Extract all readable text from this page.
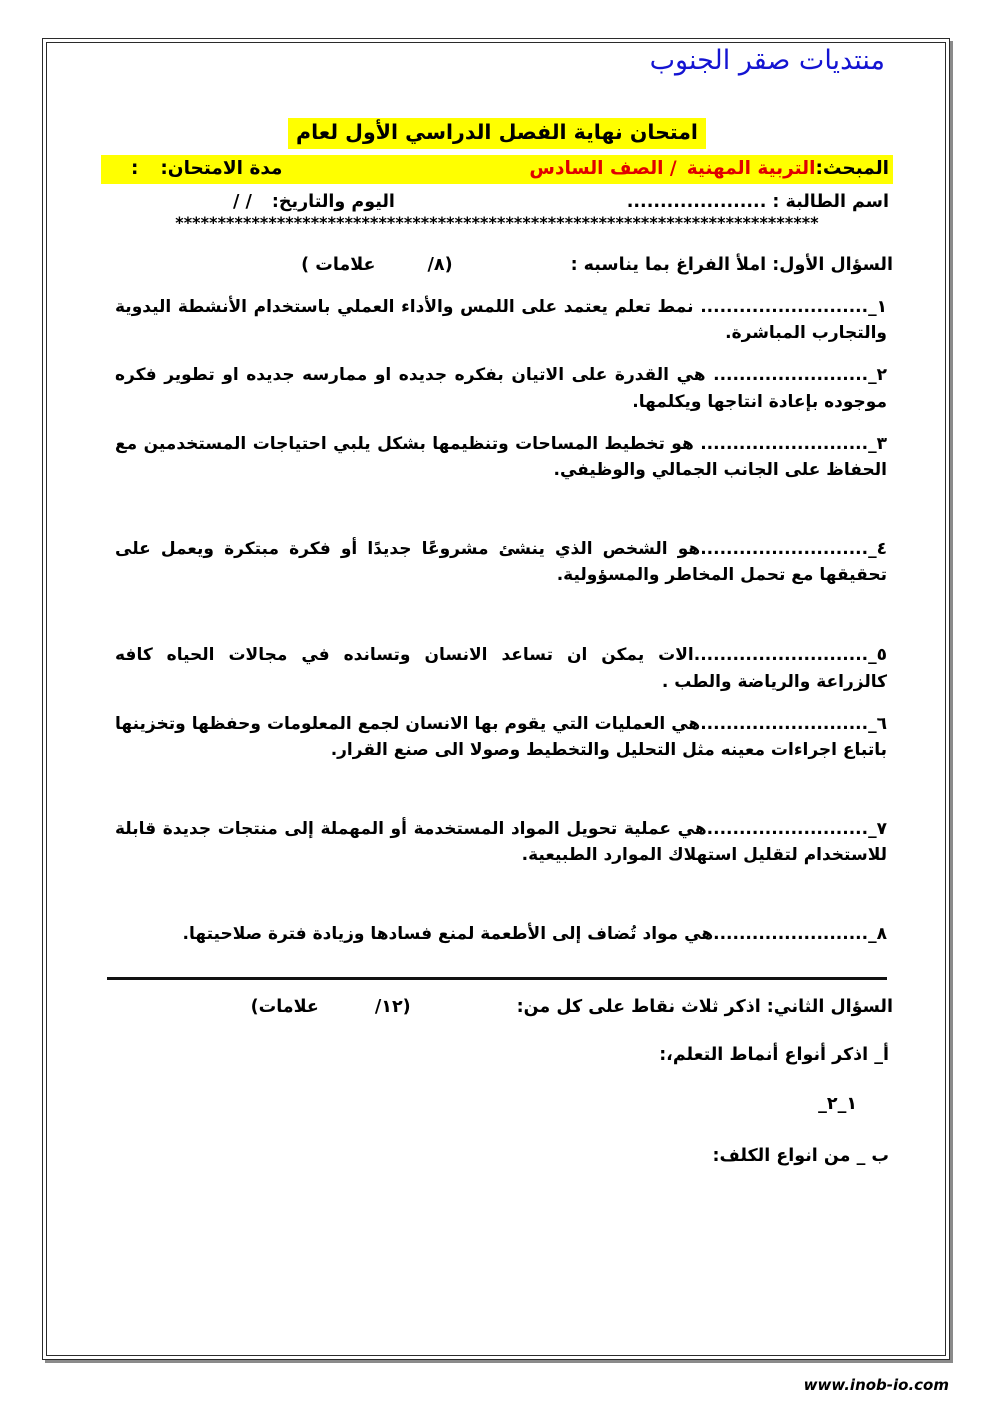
منتديات صقر الجنوب
امتحان نهاية الفصل الدراسي الأول لعام
المبحث:التربية المهنية/ الصف السادس
مدة الامتحان::
اسم الطالبة :.....................
اليوم والتاريخ:/ /
****************************************************************************
السؤال الأول: املأ الفراغ بما يناسبه :
(٨/علامات )
١_.......................... نمط تعلم يعتمد على اللمس والأداء العملي باستخدام الأنشطة اليدوية والتجارب المباشرة.
٢_........................ هي القدرة على الاتيان بفكره جديده او ممارسه جديده او تطوير فكره موجوده بإعادة انتاجها ويكلمها.
٣_.......................... هو تخطيط المساحات وتنظيمها بشكل يلبي احتياجات المستخدمين مع الحفاظ على الجانب الجمالي والوظيفي.
٤_..........................هو الشخص الذي ينشئ مشروعًا جديدًا أو فكرة مبتكرة ويعمل على تحقيقها مع تحمل المخاطر والمسؤولية.
٥_...........................الات يمكن ان تساعد الانسان وتسانده في مجالات الحياه كافه كالزراعة والرياضة والطب .
٦_..........................هي العمليات التي يقوم بها الانسان لجمع المعلومات وحفظها وتخزينها باتباع اجراءات معينه مثل التحليل والتخطيط وصولا الى صنع القرار.
٧_.........................هي عملية تحويل المواد المستخدمة أو المهملة إلى منتجات جديدة قابلة للاستخدام لتقليل استهلاك الموارد الطبيعية.
٨_........................هي مواد تُضاف إلى الأطعمة لمنع فسادها وزيادة فترة صلاحيتها.
السؤال الثاني: اذكر ثلاث نقاط على كل من:
(١٢/علامات)
أ_ اذكر أنواع أنماط التعلم،:
١_٢_
ب _ من انواع الكلف:
www.inob-io.com
